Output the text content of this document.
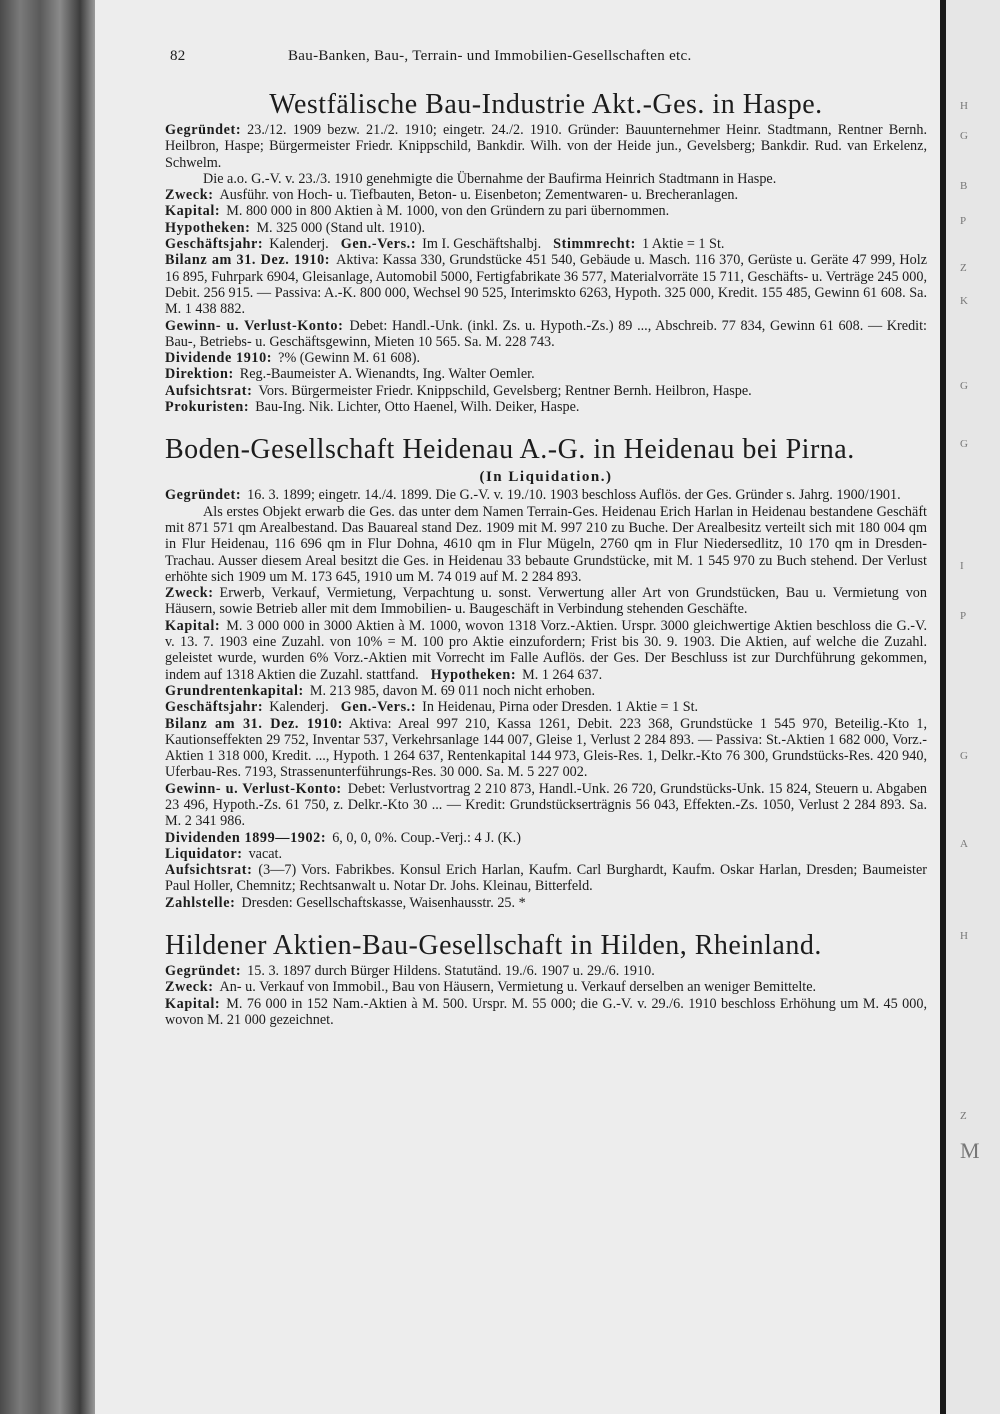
H
G
B
P
Z
K
G
G
I
P
G
A
H
Z
M
82	Bau-Banken, Bau-, Terrain- und Immobilien-Gesellschaften etc.
Westfälische Bau-Industrie Akt.-Ges. in Haspe.

Gegründet: 23./12. 1909 bezw. 21./2. 1910; eingetr. 24./2. 1910. Gründer: Bauunternehmer Heinr. Stadtmann, Rentner Bernh. Heilbron, Haspe; Bürgermeister Friedr. Knippschild, Bankdir. Wilh. von der Heide jun., Gevelsberg; Bankdir. Rud. van Erkelenz, Schwelm.

Die a.o. G.-V. v. 23./3. 1910 genehmigte die Übernahme der Baufirma Heinrich Stadtmann in Haspe.

Zweck: Ausführ. von Hoch- u. Tiefbauten, Beton- u. Eisenbeton; Zementwaren- u. Brecheranlagen.

Kapital: M. 800 000 in 800 Aktien à M. 1000, von den Gründern zu pari übernommen.

Hypotheken: M. 325 000 (Stand ult. 1910).

Geschäftsjahr: Kalenderj. Gen.-Vers.: Im I. Geschäftshalbj. Stimmrecht: 1 Aktie = 1 St.

Bilanz am 31. Dez. 1910: Aktiva: Kassa 330, Grundstücke 451 540, Gebäude u. Masch. 116 370, Gerüste u. Geräte 47 999, Holz 16 895, Fuhrpark 6904, Gleisanlage, Automobil 5000, Fertigfabrikate 36 577, Materialvorräte 15 711, Geschäfts- u. Verträge 245 000, Debit. 256 915. — Passiva: A.-K. 800 000, Wechsel 90 525, Interimskto 6263, Hypoth. 325 000, Kredit. 155 485, Gewinn 61 608. Sa. M. 1 438 882.

Gewinn- u. Verlust-Konto: Debet: Handl.-Unk. (inkl. Zs. u. Hypoth.-Zs.) 89 ..., Abschreib. 77 834, Gewinn 61 608. — Kredit: Bau-, Betriebs- u. Geschäftsgewinn, Mieten 10 565. Sa. M. 228 743.

Dividende 1910: ?% (Gewinn M. 61 608).

Direktion: Reg.-Baumeister A. Wienandts, Ing. Walter Oemler.

Aufsichtsrat: Vors. Bürgermeister Friedr. Knippschild, Gevelsberg; Rentner Bernh. Heilbron, Haspe.

Prokuristen: Bau-Ing. Nik. Lichter, Otto Haenel, Wilh. Deiker, Haspe.

Boden-Gesellschaft Heidenau A.-G. in Heidenau bei Pirna.
(In Liquidation.)

Gegründet: 16. 3. 1899; eingetr. 14./4. 1899. Die G.-V. v. 19./10. 1903 beschloss Auflös. der Ges. Gründer s. Jahrg. 1900/1901.

Als erstes Objekt erwarb die Ges. das unter dem Namen Terrain-Ges. Heidenau Erich Harlan in Heidenau bestandene Geschäft mit 871 571 qm Arealbestand. Das Bauareal stand Dez. 1909 mit M. 997 210 zu Buche. Der Arealbesitz verteilt sich mit 180 004 qm in Flur Heidenau, 116 696 qm in Flur Dohna, 4610 qm in Flur Mügeln, 2760 qm in Flur Niedersedlitz, 10 170 qm in Dresden-Trachau. Ausser diesem Areal besitzt die Ges. in Heidenau 33 bebaute Grundstücke, mit M. 1 545 970 zu Buch stehend. Der Verlust erhöhte sich 1909 um M. 173 645, 1910 um M. 74 019 auf M. 2 284 893.

Zweck: Erwerb, Verkauf, Vermietung, Verpachtung u. sonst. Verwertung aller Art von Grundstücken, Bau u. Vermietung von Häusern, sowie Betrieb aller mit dem Immobilien- u. Baugeschäft in Verbindung stehenden Geschäfte.

Kapital: M. 3 000 000 in 3000 Aktien à M. 1000, wovon 1318 Vorz.-Aktien. Urspr. 3000 gleichwertige Aktien beschloss die G.-V. v. 13. 7. 1903 eine Zuzahl. von 10% = M. 100 pro Aktie einzufordern; Frist bis 30. 9. 1903. Die Aktien, auf welche die Zuzahl. geleistet wurde, wurden 6% Vorz.-Aktien mit Vorrecht im Falle Auflös. der Ges. Der Beschluss ist zur Durchführung gekommen, indem auf 1318 Aktien die Zuzahl. stattfand. Hypotheken: M. 1 264 637.

Grundrentenkapital: M. 213 985, davon M. 69 011 noch nicht erhoben.

Geschäftsjahr: Kalenderj. Gen.-Vers.: In Heidenau, Pirna oder Dresden. 1 Aktie = 1 St.

Bilanz am 31. Dez. 1910: Aktiva: Areal 997 210, Kassa 1261, Debit. 223 368, Grundstücke 1 545 970, Beteilig.-Kto 1, Kautionseffekten 29 752, Inventar 537, Verkehrsanlage 144 007, Gleise 1, Verlust 2 284 893. — Passiva: St.-Aktien 1 682 000, Vorz.-Aktien 1 318 000, Kredit. ..., Hypoth. 1 264 637, Rentenkapital 144 973, Gleis-Res. 1, Delkr.-Kto 76 300, Grundstücks-Res. 420 940, Uferbau-Res. 7193, Strassenunterführungs-Res. 30 000. Sa. M. 5 227 002.

Gewinn- u. Verlust-Konto: Debet: Verlustvortrag 2 210 873, Handl.-Unk. 26 720, Grundstücks-Unk. 15 824, Steuern u. Abgaben 23 496, Hypoth.-Zs. 61 750, z. Delkr.-Kto 30 ... — Kredit: Grundstückserträgnis 56 043, Effekten.-Zs. 1050, Verlust 2 284 893. Sa. M. 2 341 986.

Dividenden 1899—1902: 6, 0, 0, 0%. Coup.-Verj.: 4 J. (K.)

Liquidator: vacat.

Aufsichtsrat: (3—7) Vors. Fabrikbes. Konsul Erich Harlan, Kaufm. Carl Burghardt, Kaufm. Oskar Harlan, Dresden; Baumeister Paul Holler, Chemnitz; Rechtsanwalt u. Notar Dr. Johs. Kleinau, Bitterfeld.

Zahlstelle: Dresden: Gesellschaftskasse, Waisenhausstr. 25. *

Hildener Aktien-Bau-Gesellschaft in Hilden, Rheinland.

Gegründet: 15. 3. 1897 durch Bürger Hildens. Statutänd. 19./6. 1907 u. 29./6. 1910.

Zweck: An- u. Verkauf von Immobil., Bau von Häusern, Vermietung u. Verkauf derselben an weniger Bemittelte.

Kapital: M. 76 000 in 152 Nam.-Aktien à M. 500. Urspr. M. 55 000; die G.-V. v. 29./6. 1910 beschloss Erhöhung um M. 45 000, wovon M. 21 000 gezeichnet.
